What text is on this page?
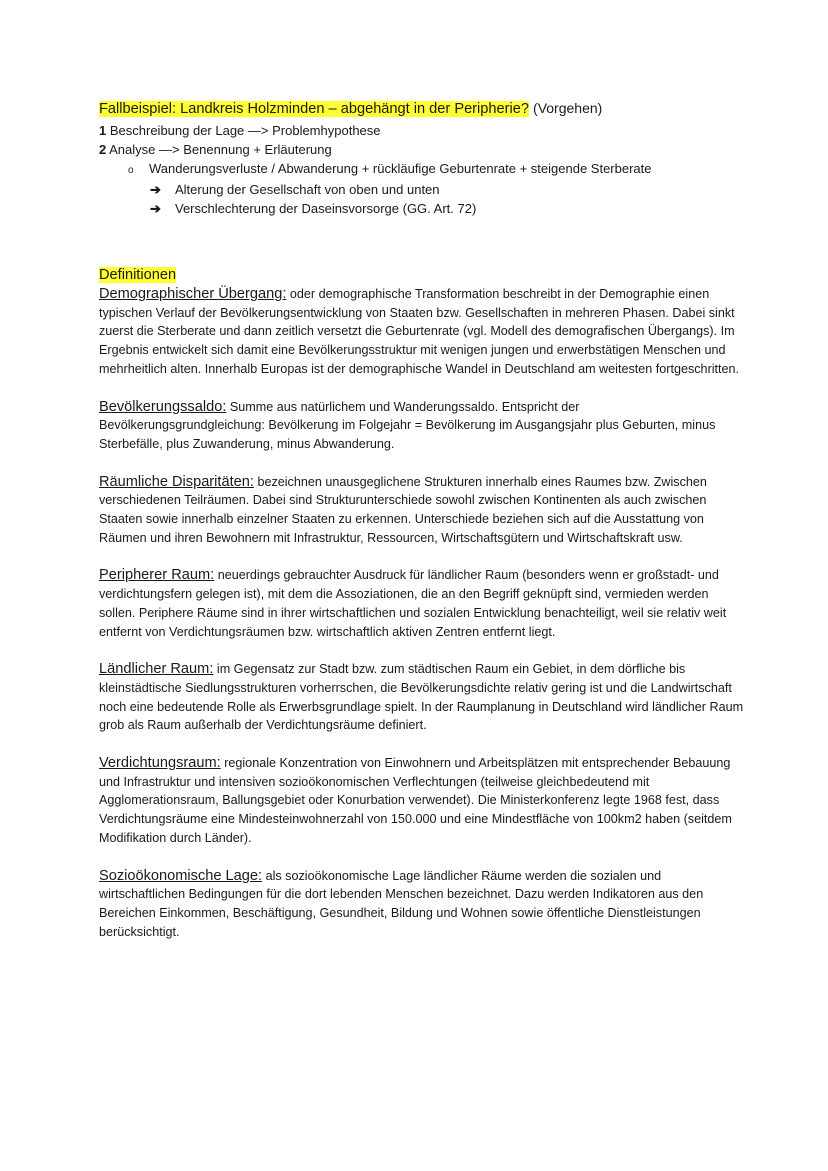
Fallbeispiel: Landkreis Holzminden – abgehängt in der Peripherie? (Vorgehen)

1 Beschreibung der Lage —> Problemhypothese

2 Analyse —> Benennung + Erläuterung

o Wanderungsverluste / Abwanderung + rückläufige Geburtenrate + steigende Sterberate

➔ Alterung der Gesellschaft von oben und unten

➔ Verschlechterung der Daseinsvorsorge (GG. Art. 72)

Definitionen

Demographischer Übergang: oder demographische Transformation beschreibt in der Demographie einen typischen Verlauf der Bevölkerungsentwicklung von Staaten bzw. Gesellschaften in mehreren Phasen. Dabei sinkt zuerst die Sterberate und dann zeitlich versetzt die Geburtenrate (vgl. Modell des demografischen Übergangs). Im Ergebnis entwickelt sich damit eine Bevölkerungsstruktur mit wenigen jungen und erwerbstätigen Menschen und mehrheitlich alten. Innerhalb Europas ist der demographische Wandel in Deutschland am weitesten fortgeschritten.

Bevölkerungssaldo: Summe aus natürlichem und Wanderungssaldo. Entspricht der Bevölkerungsgrundgleichung: Bevölkerung im Folgejahr = Bevölkerung im Ausgangsjahr plus Geburten, minus Sterbefälle, plus Zuwanderung, minus Abwanderung.

Räumliche Disparitäten: bezeichnen unausgeglichene Strukturen innerhalb eines Raumes bzw. Zwischen verschiedenen Teilräumen. Dabei sind Strukturunterschiede sowohl zwischen Kontinenten als auch zwischen Staaten sowie innerhalb einzelner Staaten zu erkennen. Unterschiede beziehen sich auf die Ausstattung von Räumen und ihren Bewohnern mit Infrastruktur, Ressourcen, Wirtschaftsgütern und Wirtschaftskraft usw.

Peripherer Raum: neuerdings gebrauchter Ausdruck für ländlicher Raum (besonders wenn er großstadt- und verdichtungsfern gelegen ist), mit dem die Assoziationen, die an den Begriff geknüpft sind, vermieden werden sollen. Periphere Räume sind in ihrer wirtschaftlichen und sozialen Entwicklung benachteiligt, weil sie relativ weit entfernt von Verdichtungsräumen bzw. wirtschaftlich aktiven Zentren entfernt liegt.

Ländlicher Raum: im Gegensatz zur Stadt bzw. zum städtischen Raum ein Gebiet, in dem dörfliche bis kleinstädtische Siedlungsstrukturen vorherrschen, die Bevölkerungsdichte relativ gering ist und die Landwirtschaft noch eine bedeutende Rolle als Erwerbsgrundlage spielt. In der Raumplanung in Deutschland wird ländlicher Raum grob als Raum außerhalb der Verdichtungsräume definiert.

Verdichtungsraum: regionale Konzentration von Einwohnern und Arbeitsplätzen mit entsprechender Bebauung und Infrastruktur und intensiven sozioökonomischen Verflechtungen (teilweise gleichbedeutend mit Agglomerationsraum, Ballungsgebiet oder Konurbation verwendet). Die Ministerkonferenz legte 1968 fest, dass Verdichtungsräume eine Mindesteinwohnerzahl von 150.000 und eine Mindestfläche von 100km2 haben (seitdem Modifikation durch Länder).

Sozioökonomische Lage: als sozioökonomische Lage ländlicher Räume werden die sozialen und wirtschaftlichen Bedingungen für die dort lebenden Menschen bezeichnet. Dazu werden Indikatoren aus den Bereichen Einkommen, Beschäftigung, Gesundheit, Bildung und Wohnen sowie öffentliche Dienstleistungen berücksichtigt.
